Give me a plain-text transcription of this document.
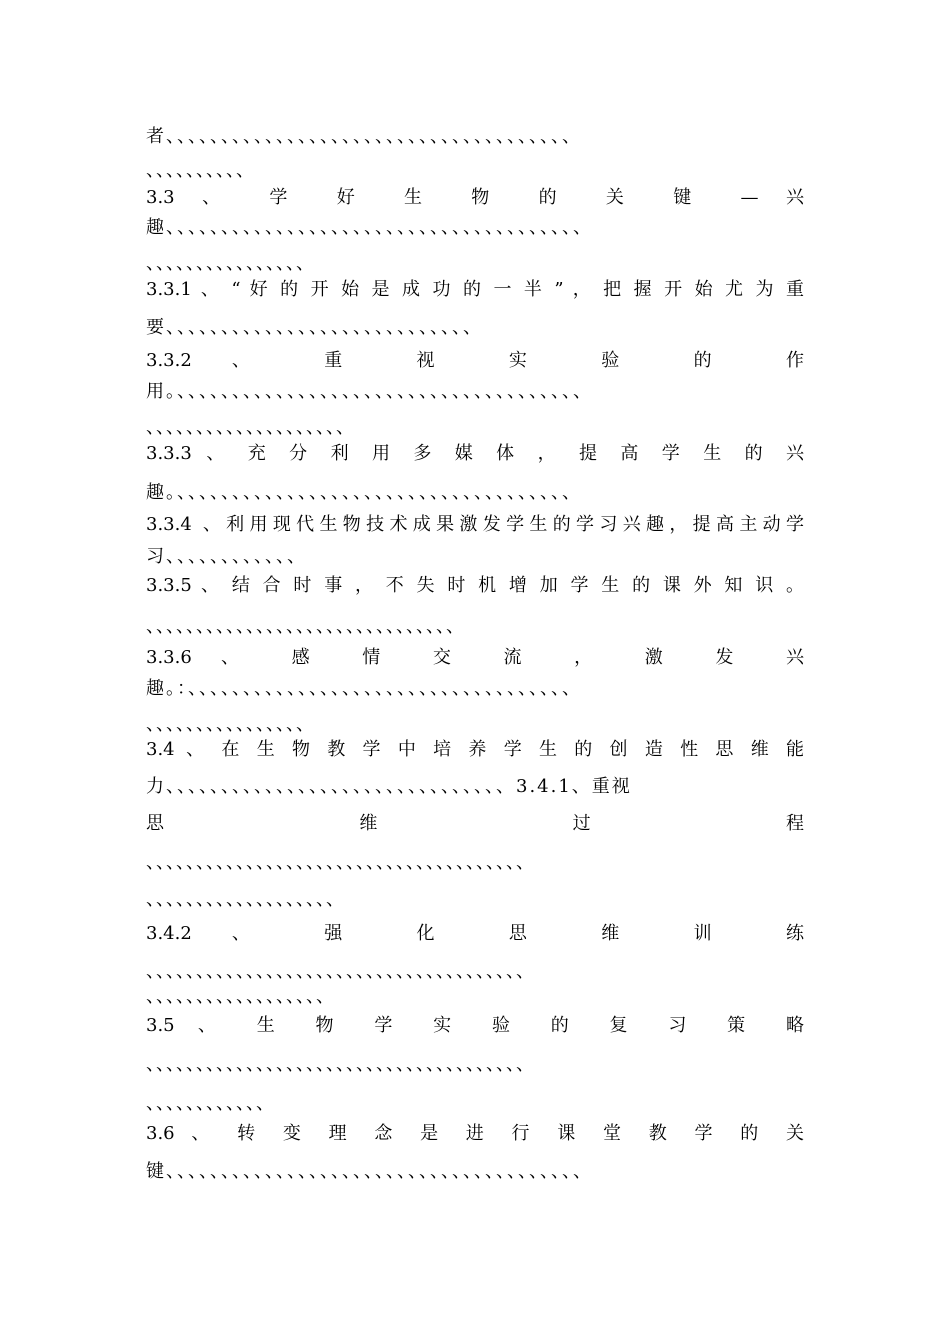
者、、、、、、、、、、、、、、、、、、、、、、、、、、、、、、、、、、、、、
、、、、、、、、、、
3.3 、 学 好 生 物 的 关 键 — 兴
趣、、、、、、、、、、、、、、、、、、、、、、、、、、、、、、、、、、、、、、
、、、、、、、、、、、、、、、、
3.3.1 、 “ 好 的 开 始 是 成 功 的 一 半 ” ， 把 握 开 始 尤 为 重
要、、、、、、、、、、、、、、、、、、、、、、、、、、、、
3.3.2 、 重 视 实 验 的 作
用。、、、、、、、、、、、、、、、、、、、、、、、、、、、、、、、、、、、、、
、、、、、、、、、、、、、、、、、、、、
3.3.3 、 充 分 利 用 多 媒 体 ， 提 高 学 生 的 兴
趣。、、、、、、、、、、、、、、、、、、、、、、、、、、、、、、、、、、、、
3.3.4 、利用现代生物技术成果激发学生的学习兴趣，提高主动学
习、、、、、、、、、、、、
3.3.5 、 结 合 时 事 ， 不 失 时 机 增 加 学 生 的 课 外 知 识 。
、、、、、、、、、、、、、、、、、、、、、、、、、、、、、、、
3.3.6 、 感 情 交 流 ， 激 发 兴
趣。：、、、、、、、、、、、、、、、、、、、、、、、、、、、、、、、、、、、
、、、、、、、、、、、、、、、、
3.4 、 在 生 物 教 学 中 培 养 学 生 的 创 造 性 思 维 能
力、、、、、、、、、、、、、、、、、、、、、、、、、、、、、、、3.4.1、重视
思 维 过 程
、、、、、、、、、、、、、、、、、、、、、、、、、、、、、、、、、、、、、、
、、、、、、、、、、、、、、、、、、、
3.4.2 、 强 化 思 维 训 练
、、、、、、、、、、、、、、、、、、、、、、、、、、、、、、、、、、、、、、
、、、、、、、、、、、、、、、、、、
3.5 、 生 物 学 实 验 的 复 习 策 略
、、、、、、、、、、、、、、、、、、、、、、、、、、、、、、、、、、、、、、
、、、、、、、、、、、、
3.6 、 转 变 理 念 是 进 行 课 堂 教 学 的 关
键、、、、、、、、、、、、、、、、、、、、、、、、、、、、、、、、、、、、、、
